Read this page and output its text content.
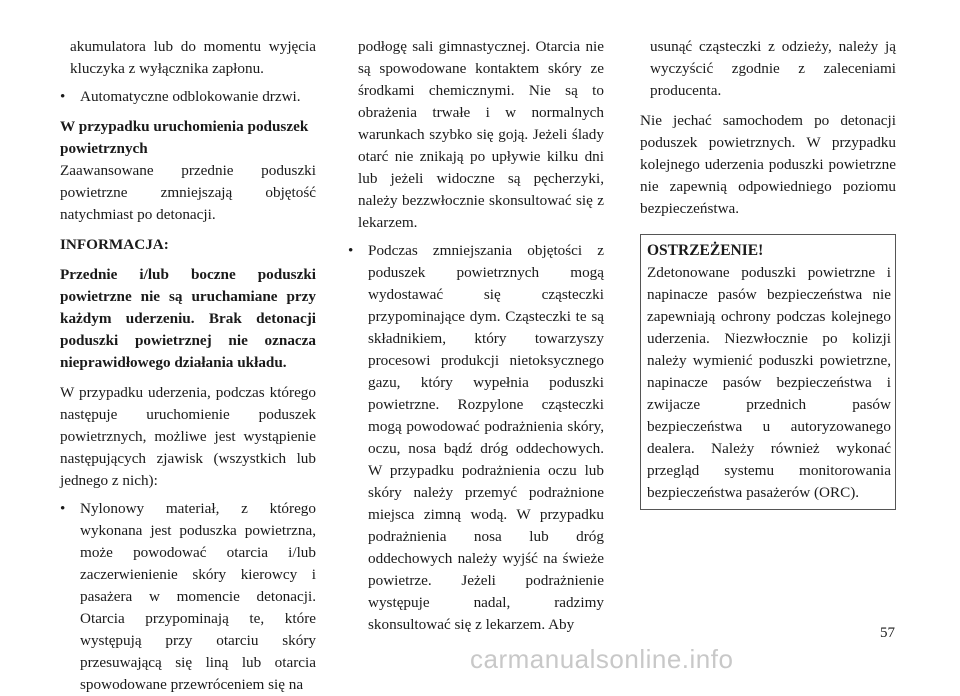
akumulatora lub do momentu wyjęcia kluczyka z wyłącznika zapłonu.

• Automatyczne odblokowanie drzwi.

W przypadku uruchomienia poduszek powietrznych

Zaawansowane przednie poduszki powietrzne zmniejszają objętość natychmiast po detonacji.

INFORMACJA:

Przednie i/lub boczne poduszki powietrzne nie są uruchamiane przy każdym uderzeniu. Brak detonacji poduszki powietrznej nie oznacza nieprawidłowego działania układu.

W przypadku uderzenia, podczas którego następuje uruchomienie poduszek powietrznych, możliwe jest wystąpienie następujących zjawisk (wszystkich lub jednego z nich):

• Nylonowy materiał, z którego wykonana jest poduszka powietrzna, może powodować otarcia i/lub zaczerwienienie skóry kierowcy i pasażera w momencie detonacji. Otarcia przypominają te, które występują przy otarciu skóry przesuwającą się liną lub otarcia spowodowane przewróceniem się na

podłogę sali gimnastycznej. Otarcia nie są spowodowane kontaktem skóry ze środkami chemicznymi. Nie są to obrażenia trwałe i w normalnych warunkach szybko się goją. Jeżeli ślady otarć nie znikają po upływie kilku dni lub jeżeli widoczne są pęcherzyki, należy bezzwłocznie skonsultować się z lekarzem.

• Podczas zmniejszania objętości z poduszek powietrznych mogą wydostawać się cząsteczki przypominające dym. Cząsteczki te są składnikiem, który towarzyszy procesowi produkcji nietoksycznego gazu, który wypełnia poduszki powietrzne. Rozpylone cząsteczki mogą powodować podrażnienia skóry, oczu, nosa bądź dróg oddechowych. W przypadku podrażnienia oczu lub skóry należy przemyć podrażnione miejsca zimną wodą. W przypadku podrażnienia nosa lub dróg oddechowych należy wyjść na świeże powietrze. Jeżeli podrażnienie występuje nadal, radzimy skonsultować się z lekarzem. Aby

usunąć cząsteczki z odzieży, należy ją wyczyścić zgodnie z zaleceniami producenta.

Nie jechać samochodem po detonacji poduszek powietrznych. W przypadku kolejnego uderzenia poduszki powietrzne nie zapewnią odpowiedniego poziomu bezpieczeństwa.

OSTRZEŻENIE!

Zdetonowane poduszki powietrzne i napinacze pasów bezpieczeństwa nie zapewniają ochrony podczas kolejnego uderzenia. Niezwłocznie po kolizji należy wymienić poduszki powietrzne, napinacze pasów bezpieczeństwa i zwijacze przednich pasów bezpieczeństwa u autoryzowanego dealera. Należy również wykonać przegląd systemu monitorowania bezpieczeństwa pasażerów (ORC).

57
carmanualsonline.info
